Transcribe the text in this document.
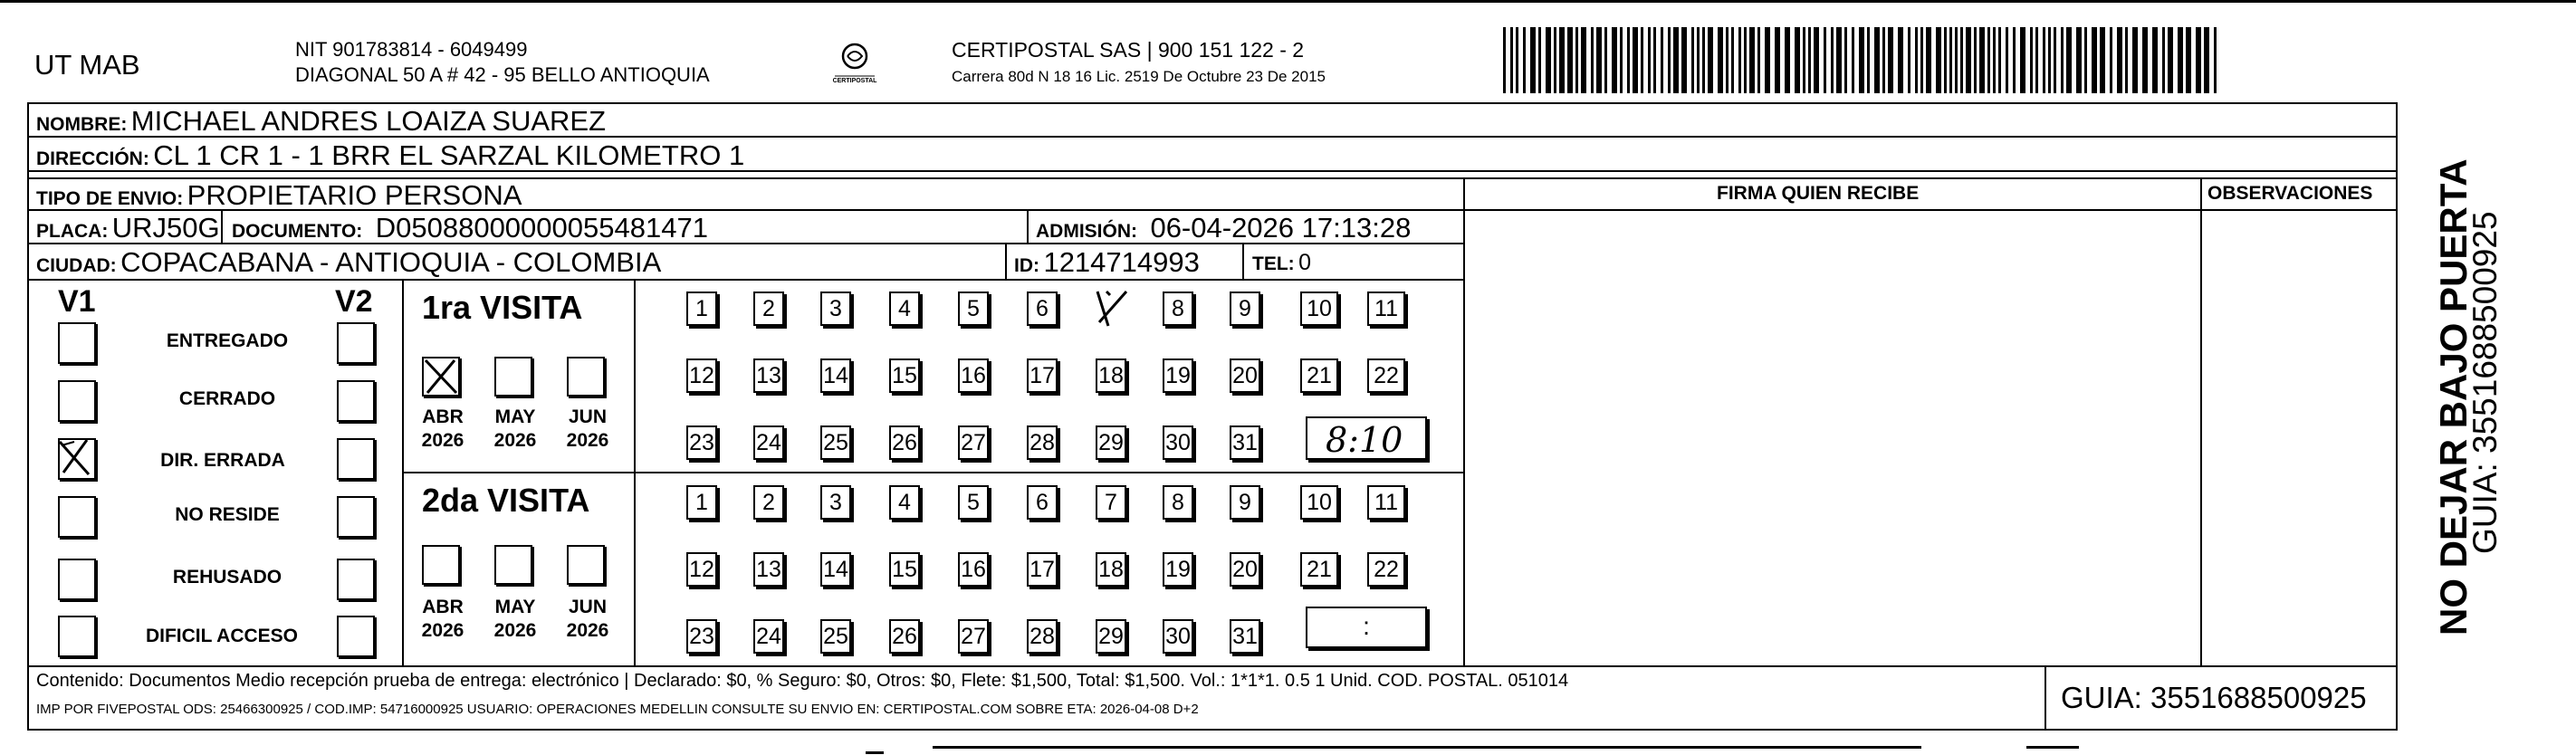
UT MAB	NIT 901783814 - 6049499
DIAGONAL 50 A # 42 - 95 BELLO ANTIOQUIA	CERTIPOSTAL
CERTIPOSTAL SAS | 900 151 122 - 2
Carrera 80d N 18 16 Lic. 2519 De Octubre 23 De 2015
NOMBRE: MICHAEL ANDRES LOAIZA SUAREZ
DIRECCIÓN: CL 1 CR 1 - 1 BRR EL SARZAL KILOMETRO 1
TIPO DE ENVIO: PROPIETARIO PERSONA	FIRMA QUIEN RECIBE	OBSERVACIONES
PLACA: URJ50G DOCUMENTO: D05088000000055481471	ADMISIÓN: 06-04-2026 17:13:28
CIUDAD: COPACABANA - ANTIOQUIA - COLOMBIA	ID: 1214714993	TEL: 0
V1	V2
ENTREGADO
CERRADO
DIR. ERRADA
NO RESIDE
REHUSADO
DIFICIL ACCESO
1ra VISITA
ABR MAY JUN
2026 2026 2026
1	2	3	4	5	6	8	9	10	11
12 13 14 15 16 17 18 19 20 21 22
23 24 25 26 27 28 29 30 31 8:10
2da VISITA
ABR MAY JUN
2026 2026 2026
1	2	3	4	5	6	7	8	9	10	11
12 13 14 15 16 17 18 19 20 21 22
23 24 25 26 27 28 29 30 31	:
Contenido: Documentos Medio recepción prueba de entrega: electrónico | Declarado: $0, % Seguro: $0, Otros: $0, Flete: $1,500, Total: $1,500. Vol.: 1*1*1. 0.5 1 Unid. COD. POSTAL. 051014
IMP POR FIVEPOSTAL ODS: 25466300925 / COD.IMP: 54716000925 USUARIO: OPERACIONES MEDELLIN CONSULTE SU ENVIO EN: CERTIPOSTAL.COM SOBRE ETA: 2026-04-08 D+2	GUIA: 3551688500925
NO DEJAR BAJO PUERTA
GUIA: 3551688500925
